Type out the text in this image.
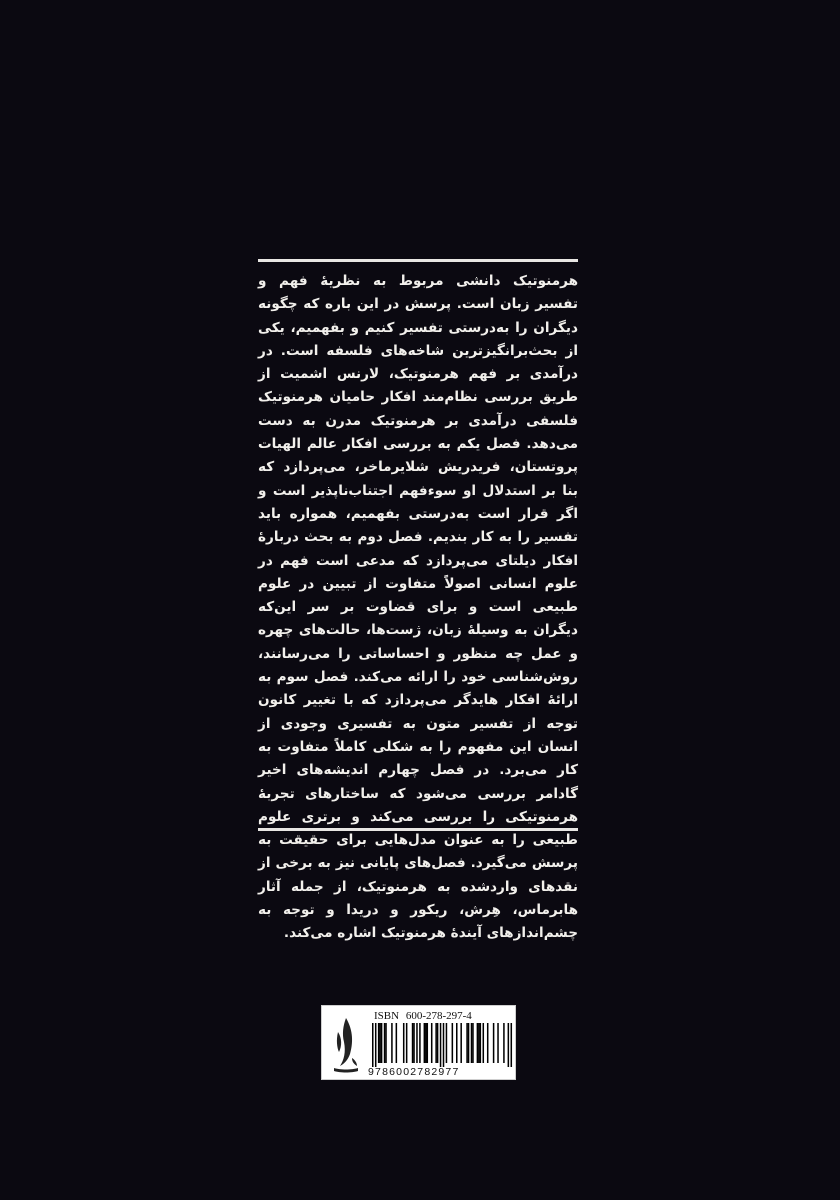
هرمنوتیک دانشی مربوط به نظریهٔ فهم و تفسیر زبان است. پرسش در این باره که چگونه دیگران را به‌درستی تفسیر کنیم و بفهمیم، یکی از بحث‌برانگیزترین شاخه‌های فلسفه است. در درآمدی بر فهم هرمنوتیک، لارنس اشمیت از طریق بررسی نظام‌مند افکار حامیان هرمنوتیک فلسفی درآمدی بر هرمنوتیک مدرن به دست می‌دهد. فصل یکم به بررسی افکار عالم الهیات پروتستان، فریدریش شلایرماخر، می‌پردازد که بنا بر استدلال او سوءفهم اجتناب‌ناپذیر است و اگر قرار است به‌درستی بفهمیم، همواره باید تفسیر را به کار بندیم. فصل دوم به بحث دربارهٔ افکار دیلتای می‌پردازد که مدعی است فهم در علوم انسانی اصولاً متفاوت از تبیین در علوم طبیعی است و برای قضاوت بر سر این‌که دیگران به وسیلهٔ زبان، ژست‌ها، حالت‌های چهره و عمل چه منظور و احساساتی را می‌رسانند، روش‌شناسی خود را ارائه می‌کند. فصل سوم به ارائهٔ افکار هایدگر می‌پردازد که با تغییر کانون توجه از تفسیر متون به تفسیری وجودی از انسان این مفهوم را به شکلی کاملاً متفاوت به کار می‌برد. در فصل چهارم اندیشه‌های اخیر گادامر بررسی می‌شود که ساختارهای تجربهٔ هرمنوتیکی را بررسی می‌کند و برتری علوم طبیعی را به عنوان مدل‌هایی برای حقیقت به پرسش می‌گیرد. فصل‌های پایانی نیز به برخی از نقدهای واردشده به هرمنوتیک، از جمله آثار هابرماس، هِرش، ریکور و دریدا و توجه به چشم‌اندازهای آیندهٔ هرمنوتیک اشاره می‌کند.

ISBN 600-278-297-4
9786002782977
